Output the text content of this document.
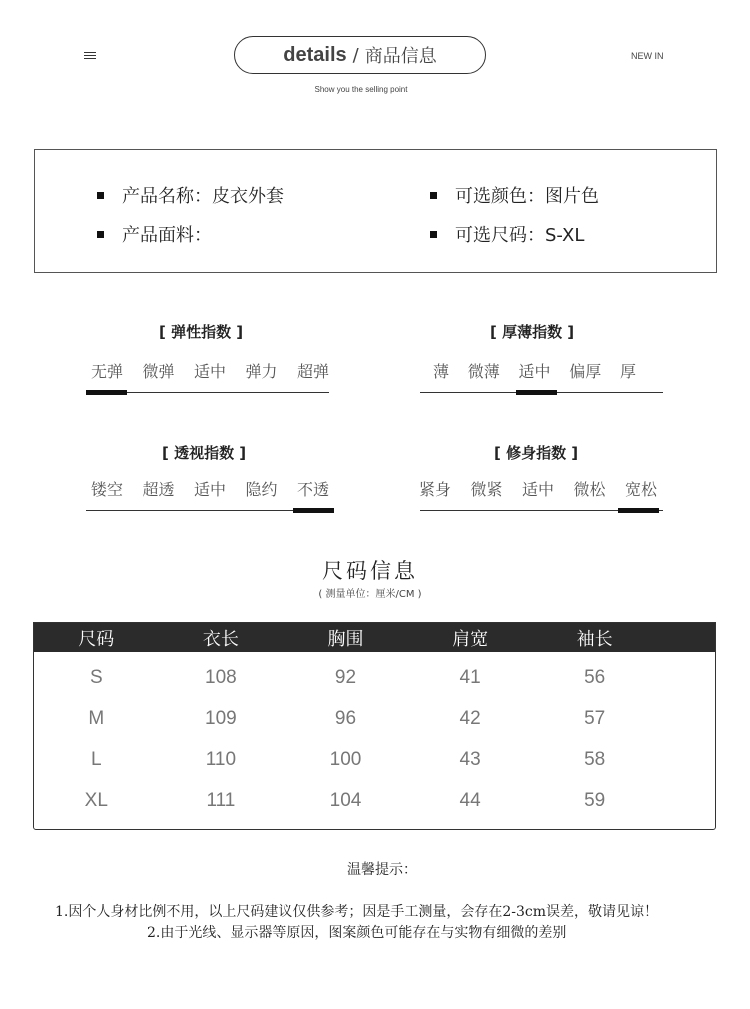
details / 商品信息
Show you the selling point
NEW IN
产品名称：皮衣外套
产品面料：
可选颜色：图片色
可选尺码：S-XL
[ 弹性指数 ]
无弹 微弹 适中 弹力 超弹
[ 厚薄指数 ]
薄 微薄 适中 偏厚 厚
[ 透视指数 ]
镂空 超透 适中 隐约 不透
[ 修身指数 ]
紧身 微紧 适中 微松 宽松
尺码信息
( 测量单位：厘米/CM )
尺码	衣长	胸围	肩宽	袖长
S	108	92	41	56
M	109	96	42	57
L	110	100	43	58
XL	111	104	44	59
温馨提示：
1.因个人身材比例不用，以上尺码建议仅供参考；因是手工测量，会存在2-3cm误差，敬请见谅！
2.由于光线、显示器等原因，图案颜色可能存在与实物有细微的差别
